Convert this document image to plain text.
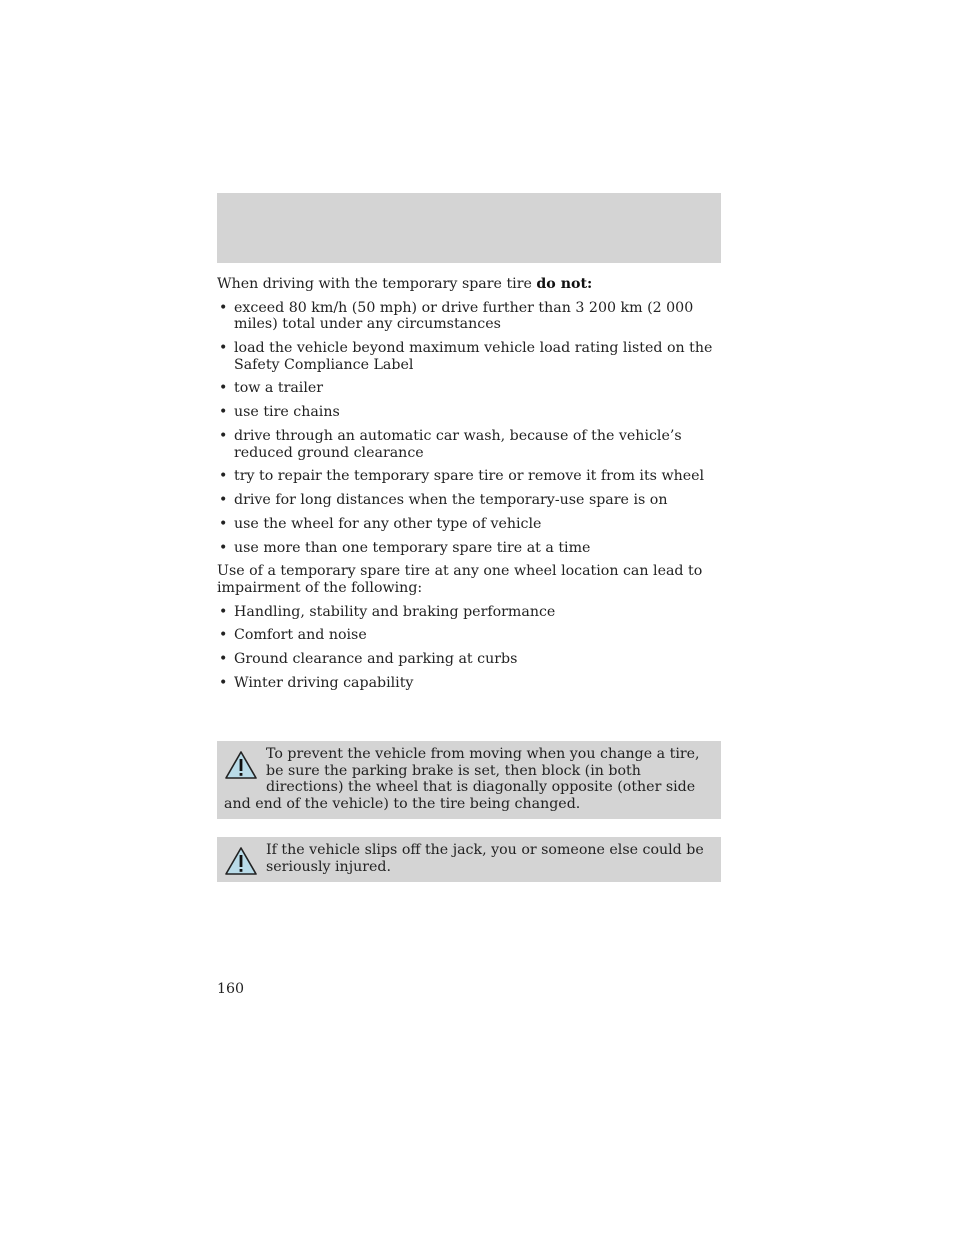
When driving with the temporary spare tire do not:

• exceed 80 km/h (50 mph) or drive further than 3 200 km (2 000 miles) total under any circumstances
• load the vehicle beyond maximum vehicle load rating listed on the Safety Compliance Label
• tow a trailer
• use tire chains
• drive through an automatic car wash, because of the vehicle’s reduced ground clearance
• try to repair the temporary spare tire or remove it from its wheel
• drive for long distances when the temporary-use spare is on
• use the wheel for any other type of vehicle
• use more than one temporary spare tire at a time

Use of a temporary spare tire at any one wheel location can lead to impairment of the following:

• Handling, stability and braking performance
• Comfort and noise
• Ground clearance and parking at curbs
• Winter driving capability
To prevent the vehicle from moving when you change a tire, be sure the parking brake is set, then block (in both directions) the wheel that is diagonally opposite (other side and end of the vehicle) to the tire being changed.
If the vehicle slips off the jack, you or someone else could be seriously injured.
160
